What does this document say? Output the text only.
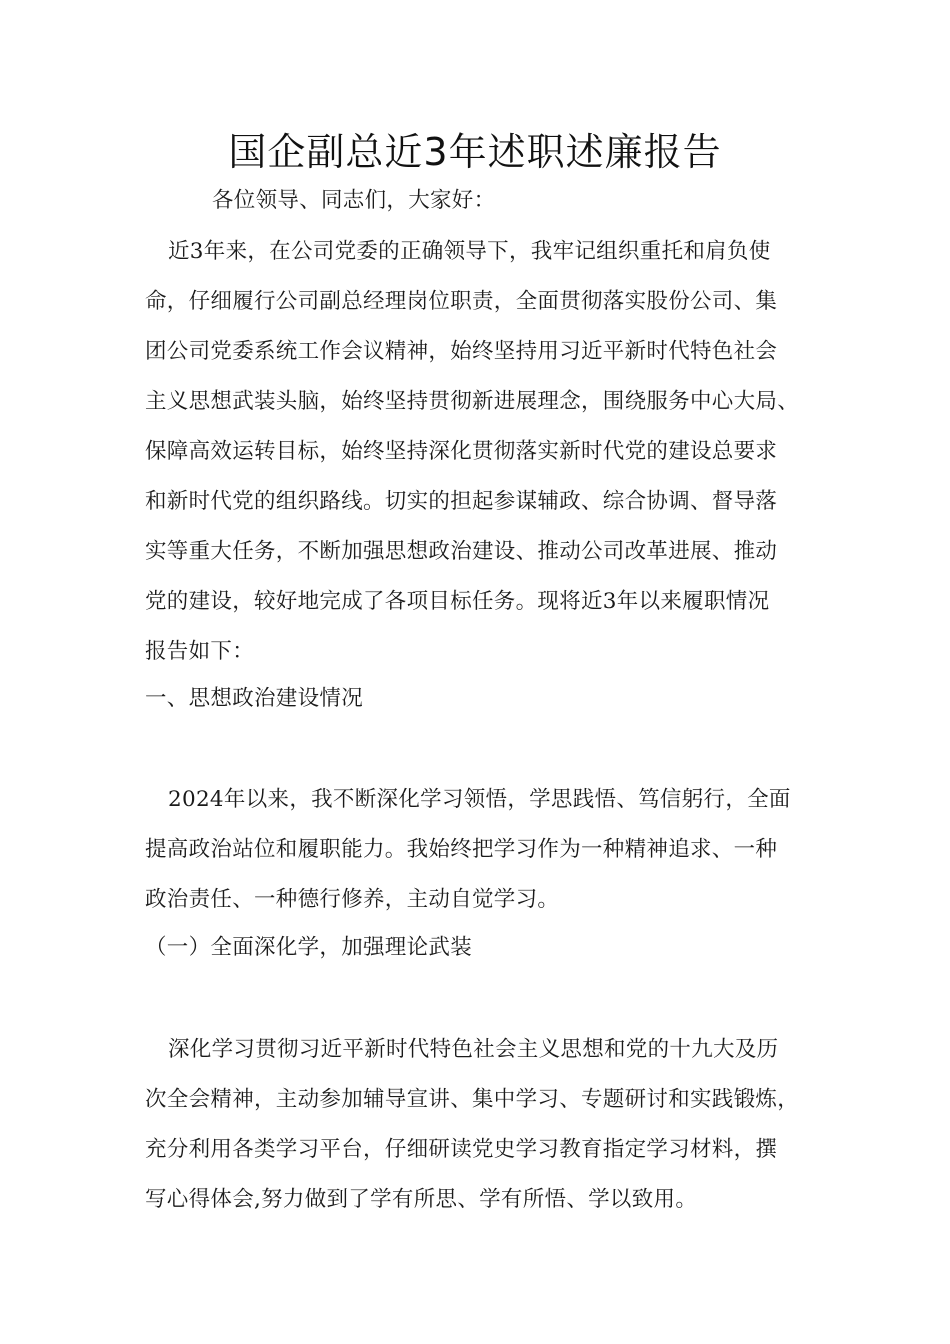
国企副总近3年述职述廉报告
各位领导、同志们，大家好：
近3年来，在公司党委的正确领导下，我牢记组织重托和肩负使
命，仔细履行公司副总经理岗位职责，全面贯彻落实股份公司、集
团公司党委系统工作会议精神，始终坚持用习近平新时代特色社会
主义思想武装头脑，始终坚持贯彻新进展理念，围绕服务中心大局、
保障高效运转目标，始终坚持深化贯彻落实新时代党的建设总要求
和新时代党的组织路线。切实的担起参谋辅政、综合协调、督导落
实等重大任务，不断加强思想政治建设、推动公司改革进展、推动
党的建设，较好地完成了各项目标任务。现将近3年以来履职情况
报告如下：
一、思想政治建设情况
2024年以来，我不断深化学习领悟，学思践悟、笃信躬行，全面
提高政治站位和履职能力。我始终把学习作为一种精神追求、一种
政治责任、一种德行修养，主动自觉学习。
（一）全面深化学，加强理论武装
深化学习贯彻习近平新时代特色社会主义思想和党的十九大及历
次全会精神，主动参加辅导宣讲、集中学习、专题研讨和实践锻炼，
充分利用各类学习平台，仔细研读党史学习教育指定学习材料，撰
写心得体会,努力做到了学有所思、学有所悟、学以致用。
